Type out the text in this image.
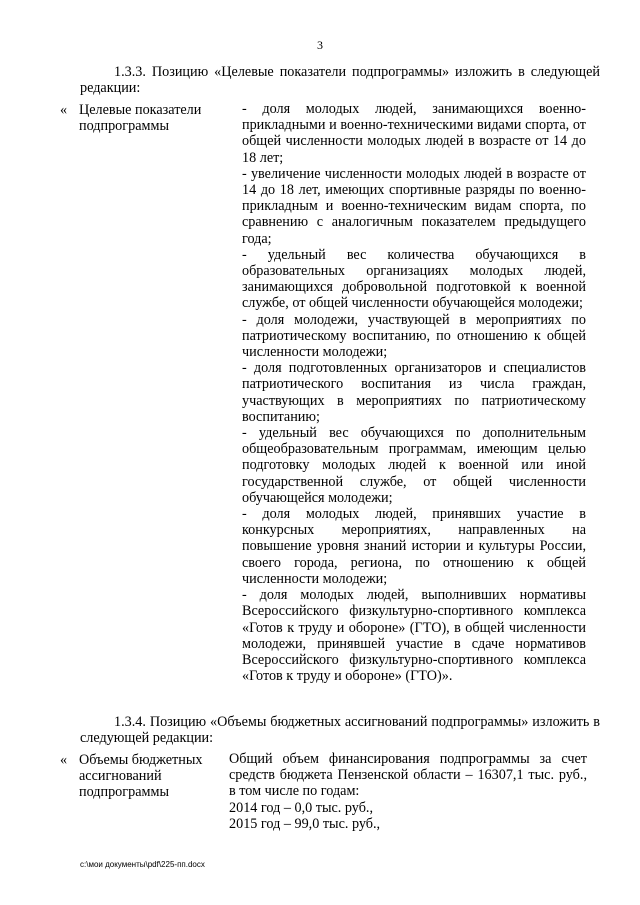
3
1.3.3. Позицию «Целевые показатели подпрограммы» изложить в следующей редакции:
« Целевые показатели подпрограммы
- доля молодых людей, занимающихся военно-прикладными и военно-техническими видами спорта, от общей численности молодых людей в возрасте от 14 до 18 лет;
- увеличение численности молодых людей в возрасте от 14 до 18 лет, имеющих спортивные разряды по военно-прикладным и военно-техническим видам спорта, по сравнению с аналогичным показателем предыдущего года;
- удельный вес количества обучающихся в образовательных организациях молодых людей, занимающихся добровольной подготовкой к военной службе, от общей численности обучающейся молодежи;
- доля молодежи, участвующей в мероприятиях по патриотическому воспитанию, по отношению к общей численности молодежи;
- доля подготовленных организаторов и специалистов патриотического воспитания из числа граждан, участвующих в мероприятиях по патриотическому воспитанию;
- удельный вес обучающихся по дополнительным общеобразовательным программам, имеющим целью подготовку молодых людей к военной или иной государственной службе, от общей численности обучающейся молодежи;
- доля молодых людей, принявших участие в конкурсных мероприятиях, направленных на повышение уровня знаний истории и культуры России, своего города, региона, по отношению к общей численности молодежи;
- доля молодых людей, выполнивших нормативы Всероссийского физкультурно-спортивного комплекса «Готов к труду и обороне» (ГТО), в общей численности молодежи, принявшей участие в сдаче нормативов Всероссийского физкультурно-спортивного комплекса «Готов к труду и обороне» (ГТО)».
1.3.4. Позицию «Объемы бюджетных ассигнований подпрограммы» изложить в следующей редакции:
« Объемы бюджетных ассигнований подпрограммы
Общий объем финансирования подпрограммы за счет средств бюджета Пензенской области – 16307,1 тыс. руб., в том числе по годам:
2014 год – 0,0 тыс. руб.,
2015 год – 99,0 тыс. руб.,
c:\мои документы\pdf\225-пп.docx
